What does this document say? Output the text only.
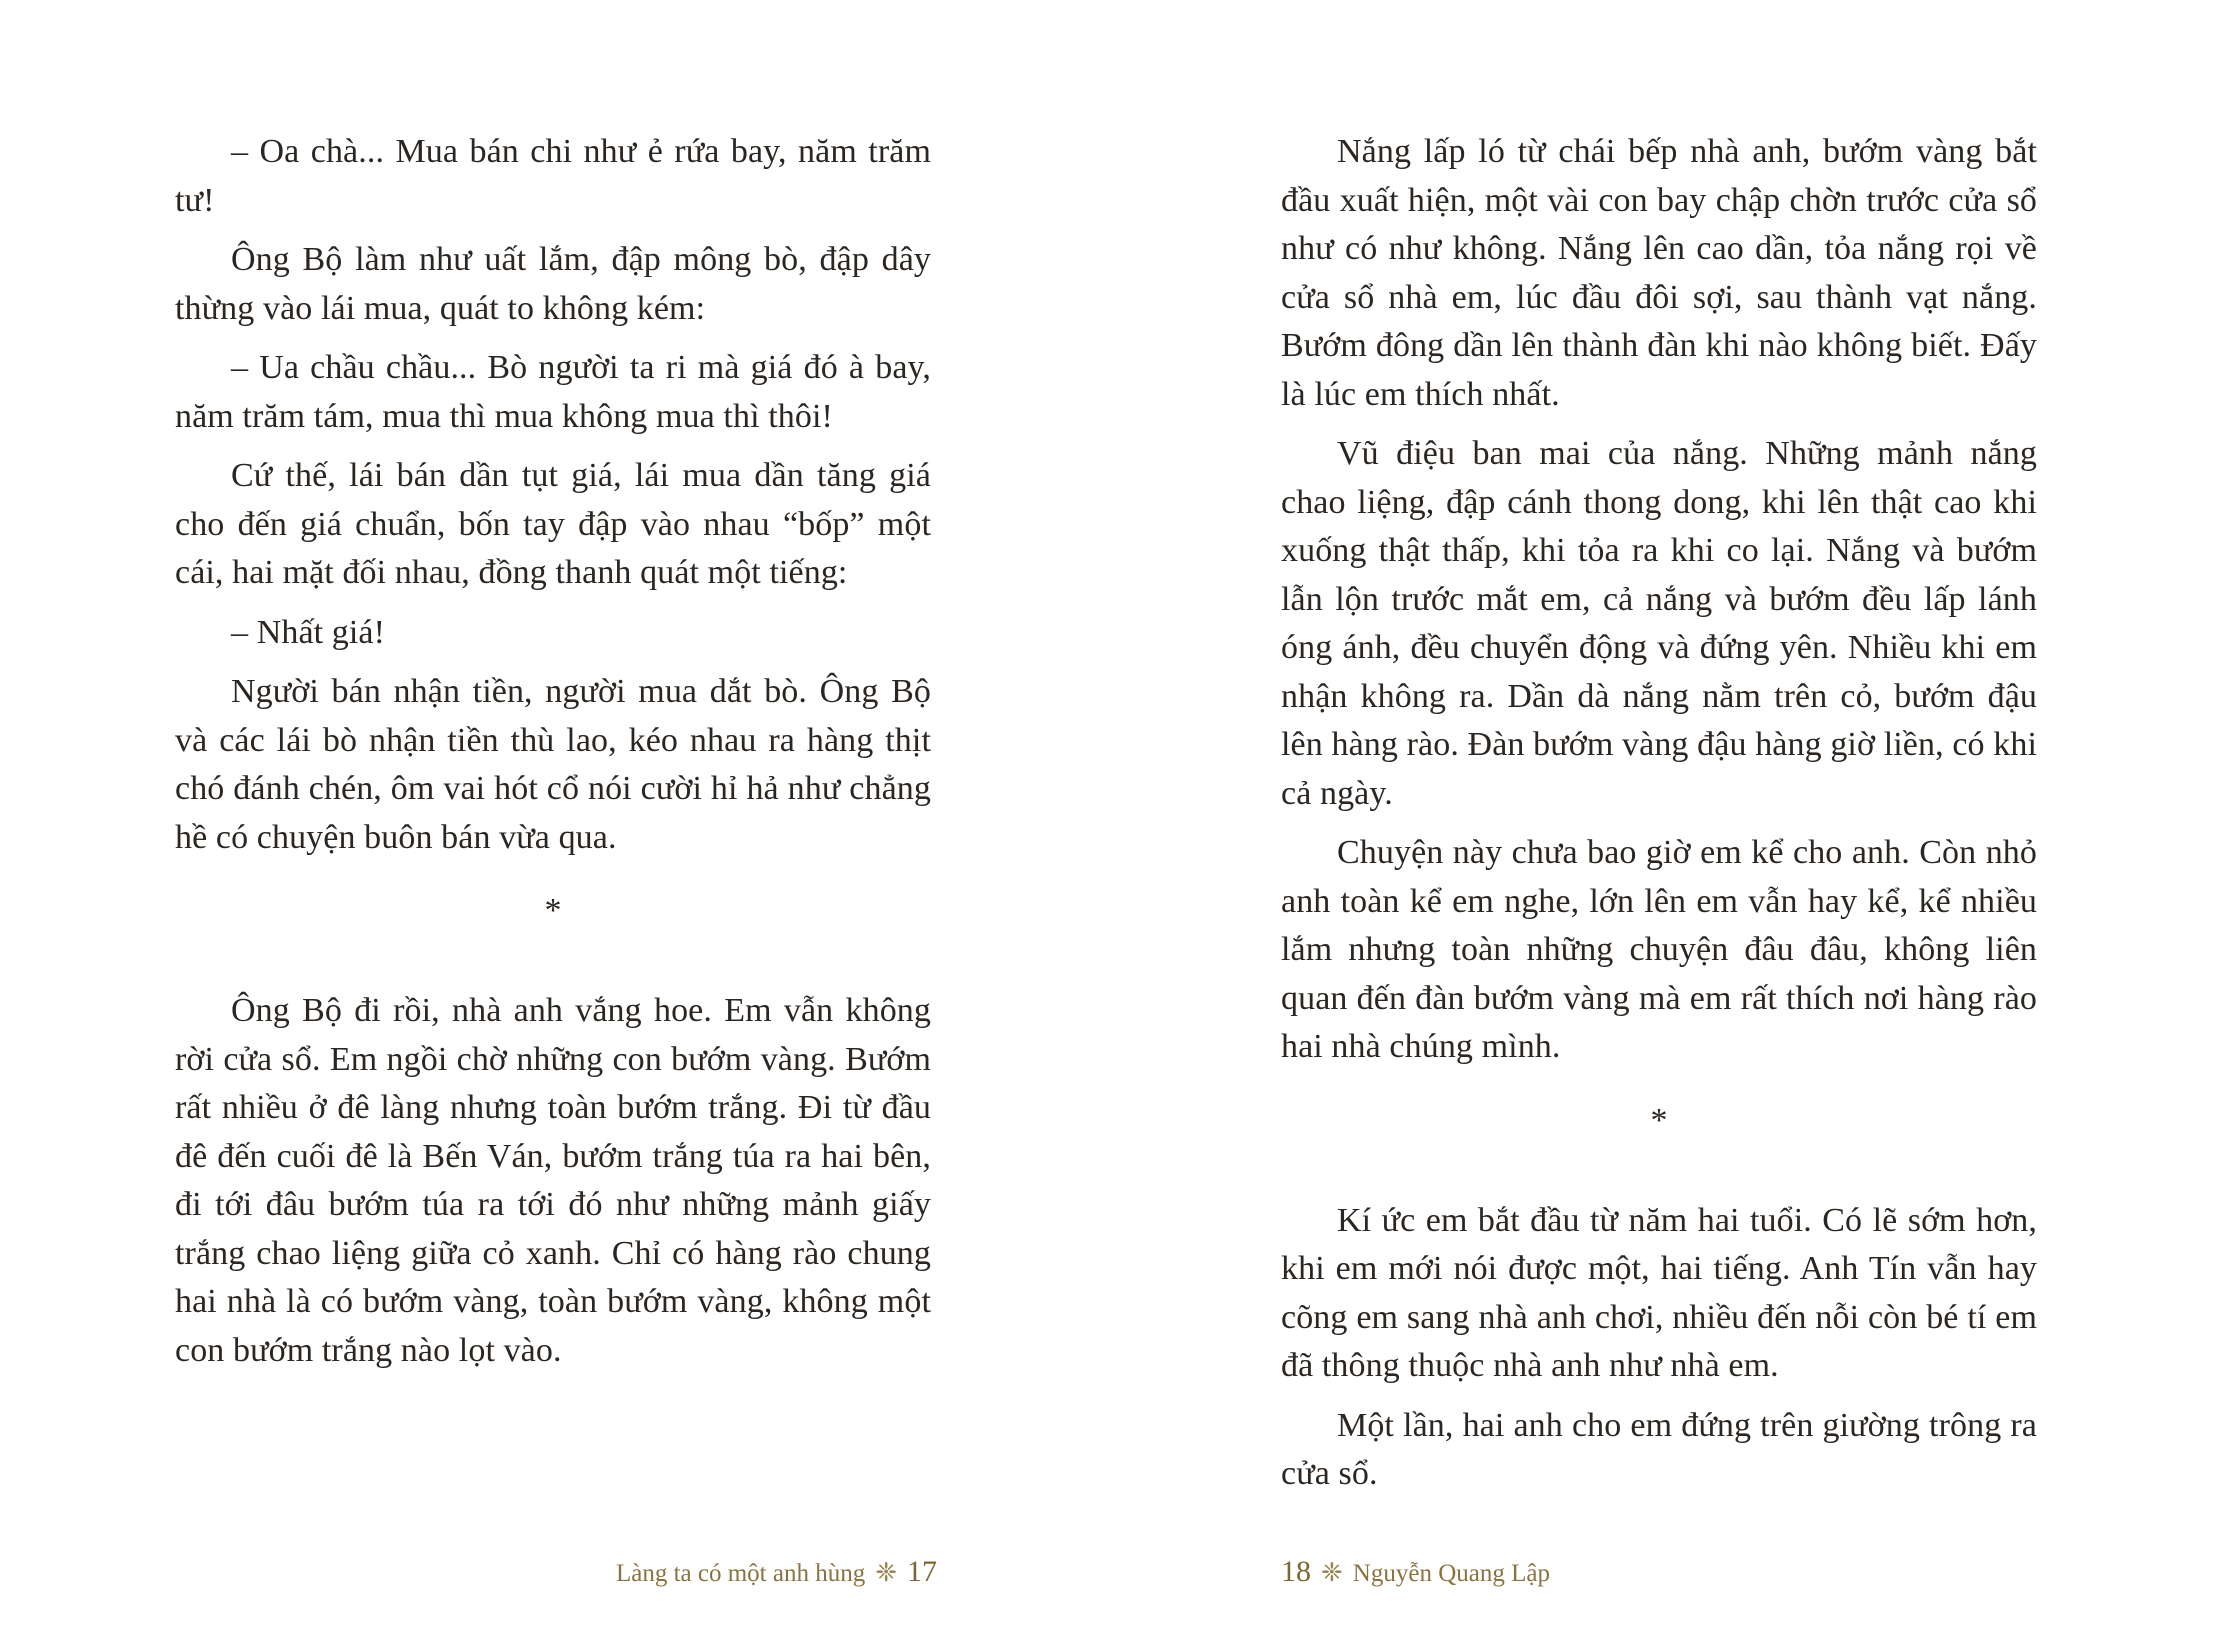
– Oa chà... Mua bán chi như ẻ rứa bay, năm trăm tư!

Ông Bộ làm như uất lắm, đập mông bò, đập dây thừng vào lái mua, quát to không kém:

– Ua chầu chầu... Bò người ta ri mà giá đó à bay, năm trăm tám, mua thì mua không mua thì thôi!

Cứ thế, lái bán dần tụt giá, lái mua dần tăng giá cho đến giá chuẩn, bốn tay đập vào nhau “bốp” một cái, hai mặt đối nhau, đồng thanh quát một tiếng:

– Nhất giá!

Người bán nhận tiền, người mua dắt bò. Ông Bộ và các lái bò nhận tiền thù lao, kéo nhau ra hàng thịt chó đánh chén, ôm vai hót cổ nói cười hỉ hả như chẳng hề có chuyện buôn bán vừa qua.

*

Ông Bộ đi rồi, nhà anh vắng hoe. Em vẫn không rời cửa sổ. Em ngồi chờ những con bướm vàng. Bướm rất nhiều ở đê làng nhưng toàn bướm trắng. Đi từ đầu đê đến cuối đê là Bến Ván, bướm trắng túa ra hai bên, đi tới đâu bướm túa ra tới đó như những mảnh giấy trắng chao liệng giữa cỏ xanh. Chỉ có hàng rào chung hai nhà là có bướm vàng, toàn bướm vàng, không một con bướm trắng nào lọt vào.

Làng ta có một anh hùng ❈ 17

Nắng lấp ló từ chái bếp nhà anh, bướm vàng bắt đầu xuất hiện, một vài con bay chập chờn trước cửa sổ như có như không. Nắng lên cao dần, tỏa nắng rọi về cửa sổ nhà em, lúc đầu đôi sợi, sau thành vạt nắng. Bướm đông dần lên thành đàn khi nào không biết. Đấy là lúc em thích nhất.

Vũ điệu ban mai của nắng. Những mảnh nắng chao liệng, đập cánh thong dong, khi lên thật cao khi xuống thật thấp, khi tỏa ra khi co lại. Nắng và bướm lẫn lộn trước mắt em, cả nắng và bướm đều lấp lánh óng ánh, đều chuyển động và đứng yên. Nhiều khi em nhận không ra. Dần dà nắng nằm trên cỏ, bướm đậu lên hàng rào. Đàn bướm vàng đậu hàng giờ liền, có khi cả ngày.

Chuyện này chưa bao giờ em kể cho anh. Còn nhỏ anh toàn kể em nghe, lớn lên em vẫn hay kể, kể nhiều lắm nhưng toàn những chuyện đâu đâu, không liên quan đến đàn bướm vàng mà em rất thích nơi hàng rào hai nhà chúng mình.

*

Kí ức em bắt đầu từ năm hai tuổi. Có lẽ sớm hơn, khi em mới nói được một, hai tiếng. Anh Tín vẫn hay cõng em sang nhà anh chơi, nhiều đến nỗi còn bé tí em đã thông thuộc nhà anh như nhà em.

Một lần, hai anh cho em đứng trên giường trông ra cửa sổ.

18 ❈ Nguyễn Quang Lập
